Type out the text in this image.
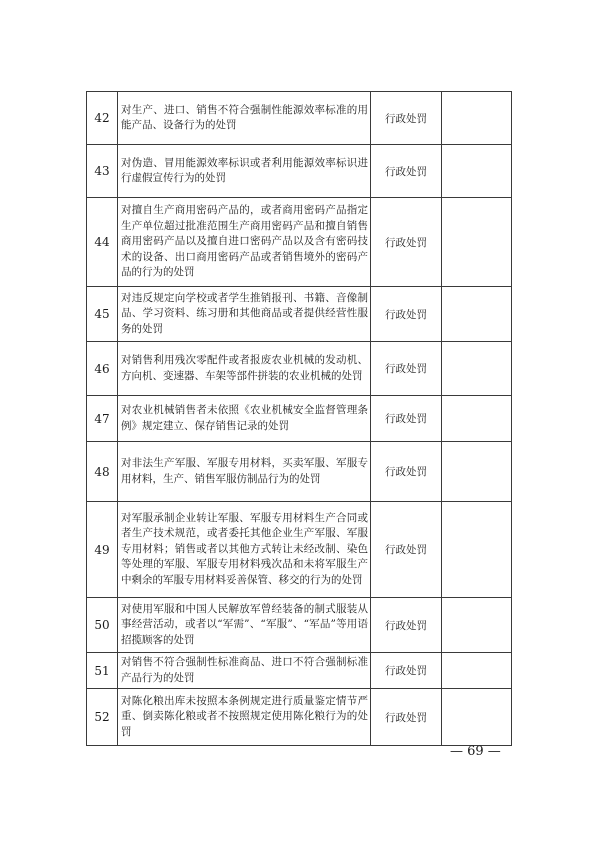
42	对生产、进口、销售不符合强制性能源效率标准的用能产品、设备行为的处罚	行政处罚	
43	对伪造、冒用能源效率标识或者利用能源效率标识进行虚假宣传行为的处罚	行政处罚	
44	对擅自生产商用密码产品的，或者商用密码产品指定生产单位超过批准范围生产商用密码产品和擅自销售商用密码产品以及擅自进口密码产品以及含有密码技术的设备、出口商用密码产品或者销售境外的密码产品的行为的处罚	行政处罚	
45	对违反规定向学校或者学生推销报刊、书籍、音像制品、学习资料、练习册和其他商品或者提供经营性服务的处罚	行政处罚	
46	对销售利用残次零配件或者报废农业机械的发动机、方向机、变速器、车架等部件拼装的农业机械的处罚	行政处罚	
47	对农业机械销售者未依照《农业机械安全监督管理条例》规定建立、保存销售记录的处罚	行政处罚	
48	对非法生产军服、军服专用材料，买卖军服、军服专用材料，生产、销售军服仿制品行为的处罚	行政处罚	
49	对军服承制企业转让军服、军服专用材料生产合同或者生产技术规范，或者委托其他企业生产军服、军服专用材料；销售或者以其他方式转让未经改制、染色等处理的军服、军服专用材料残次品和未将军服生产中剩余的军服专用材料妥善保管、移交的行为的处罚	行政处罚	
50	对使用军服和中国人民解放军曾经装备的制式服装从事经营活动，或者以“军需”、“军服”、“军品”等用语招揽顾客的处罚	行政处罚	
51	对销售不符合强制性标准商品、进口不符合强制标准产品行为的处罚	行政处罚	
52	对陈化粮出库未按照本条例规定进行质量鉴定情节严重、倒卖陈化粮或者不按照规定使用陈化粮行为的处罚	行政处罚	
— 69 —
